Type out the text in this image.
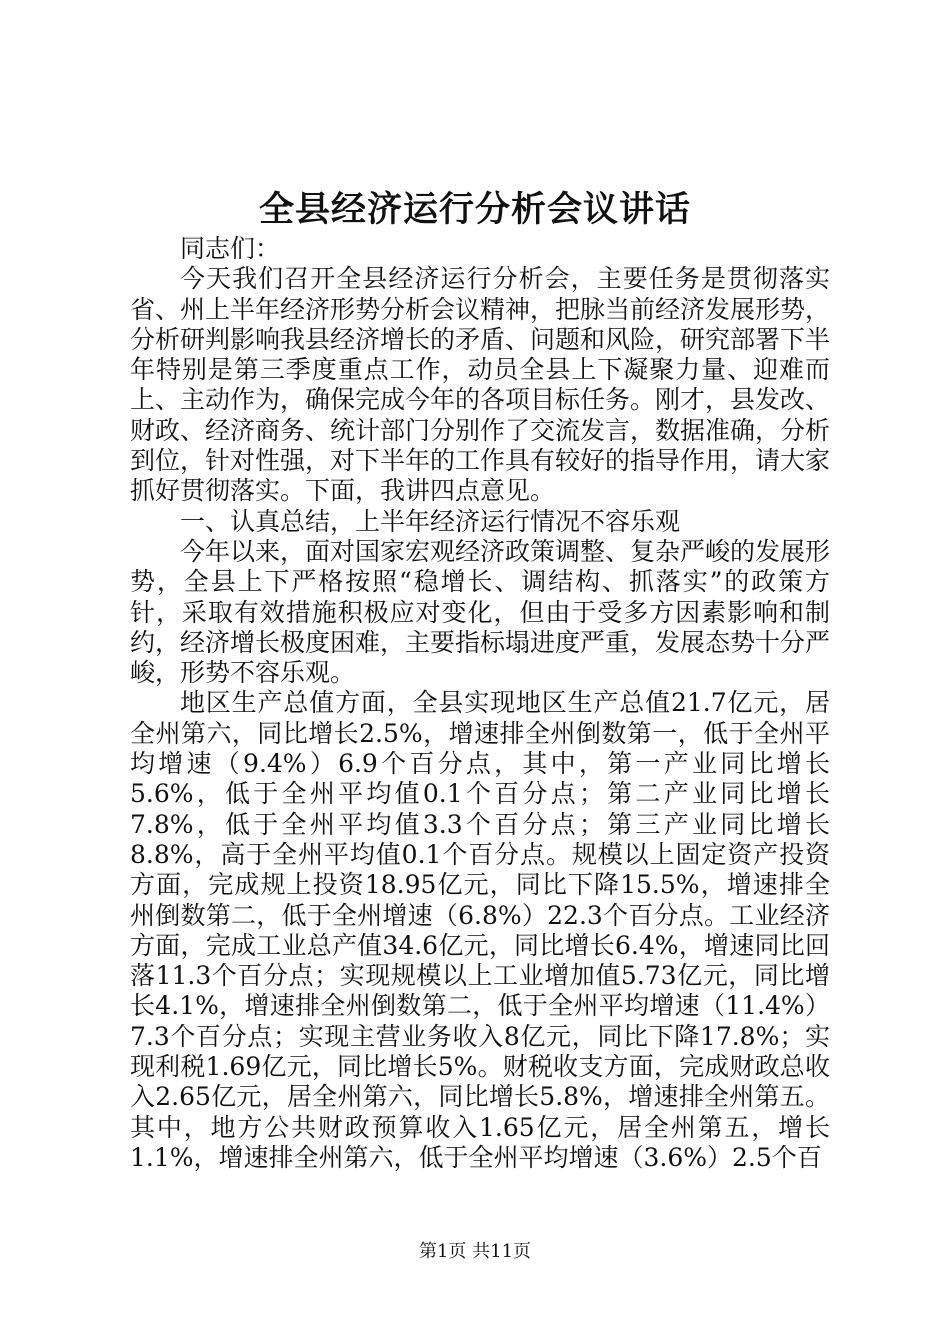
全县经济运行分析会议讲话

同志们：

今天我们召开全县经济运行分析会，主要任务是贯彻落实省、州上半年经济形势分析会议精神，把脉当前经济发展形势，分析研判影响我县经济增长的矛盾、问题和风险，研究部署下半年特别是第三季度重点工作，动员全县上下凝聚力量、迎难而上、主动作为，确保完成今年的各项目标任务。刚才，县发改、财政、经济商务、统计部门分别作了交流发言，数据准确，分析到位，针对性强，对下半年的工作具有较好的指导作用，请大家抓好贯彻落实。下面，我讲四点意见。

一、认真总结，上半年经济运行情况不容乐观

今年以来，面对国家宏观经济政策调整、复杂严峻的发展形势，全县上下严格按照“稳增长、调结构、抓落实”的政策方针，采取有效措施积极应对变化，但由于受多方因素影响和制约，经济增长极度困难，主要指标塌进度严重，发展态势十分严峻，形势不容乐观。

地区生产总值方面，全县实现地区生产总值21.7亿元，居全州第六，同比增长2.5%，增速排全州倒数第一，低于全州平均增速（9.4%）6.9个百分点，其中，第一产业同比增长5.6%，低于全州平均值0.1个百分点；第二产业同比增长7.8%，低于全州平均值3.3个百分点；第三产业同比增长8.8%，高于全州平均值0.1个百分点。规模以上固定资产投资方面，完成规上投资18.95亿元，同比下降15.5%，增速排全州倒数第二，低于全州增速（6.8%）22.3个百分点。工业经济方面，完成工业总产值34.6亿元，同比增长6.4%，增速同比回落11.3个百分点；实现规模以上工业增加值5.73亿元，同比增长4.1%，增速排全州倒数第二，低于全州平均增速（11.4%）7.3个百分点；实现主营业务收入8亿元，同比下降17.8%；实现利税1.69亿元，同比增长5%。财税收支方面，完成财政总收入2.65亿元，居全州第六，同比增长5.8%，增速排全州第五。其中，地方公共财政预算收入1.65亿元，居全州第五，增长1.1%，增速排全州第六，低于全州平均增速（3.6%）2.5个百

第1页 共11页
